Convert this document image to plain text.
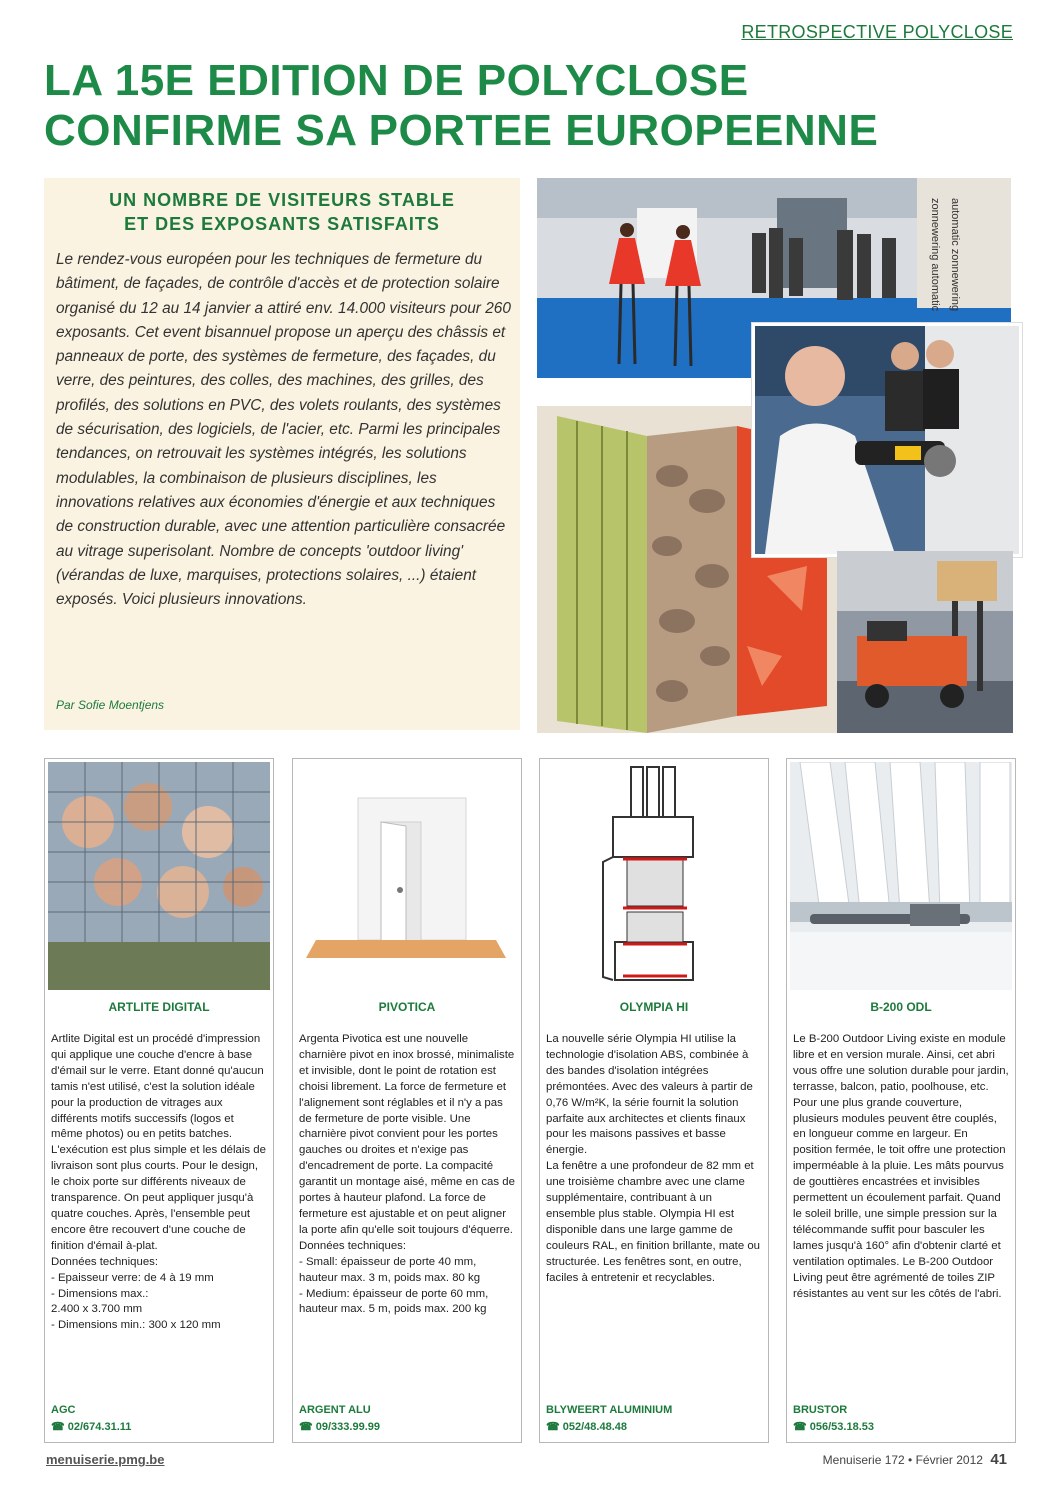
RETROSPECTIVE POLYCLOSE
LA 15E EDITION DE POLYCLOSE
CONFIRME SA PORTEE EUROPEENNE
UN NOMBRE DE VISITEURS STABLE
ET DES EXPOSANTS SATISFAITS

Le rendez-vous européen pour les techniques de fermeture du bâtiment, de façades, de contrôle d'accès et de protection solaire organisé du 12 au 14 janvier a attiré env. 14.000 visiteurs pour 260 exposants. Cet event bisannuel propose un aperçu des châssis et panneaux de porte, des systèmes de fermeture, des façades, du verre, des peintures, des colles, des machines, des grilles, des profilés, des solutions en PVC, des volets roulants, des systèmes de sécurisation, des logiciels, de l'acier, etc. Parmi les principales tendances, on retrouvait les systèmes intégrés, les solutions modulables, la combinaison de plusieurs disciplines, les innovations relatives aux économies d'énergie et aux techniques de construction durable, avec une attention particulière consacrée au vitrage superisolant. Nombre de concepts 'outdoor living' (vérandas de luxe, marquises, protections solaires, ...) étaient exposés. Voici plusieurs innovations.

Par Sofie Moentjens
zonnewering automatic automatic zonnewering
ARTLITE DIGITAL
Artlite Digital est un procédé d'impression qui applique une couche d'encre à base d'émail sur le verre. Etant donné qu'aucun tamis n'est utilisé, c'est la solution idéale pour la production de vitrages aux différents motifs successifs (logos et même photos) ou en petits batches. L'exécution est plus simple et les délais de livraison sont plus courts. Pour le design, le choix porte sur différents niveaux de transparence. On peut appliquer jusqu'à quatre couches. Après, l'ensemble peut encore être recouvert d'une couche de finition d'émail à-plat.
Données techniques:
- Epaisseur verre: de 4 à 19 mm
- Dimensions max.:
2.400 x 3.700 mm
- Dimensions min.: 300 x 120 mm
AGC
☎ 02/674.31.11
PIVOTICA
Argenta Pivotica est une nouvelle charnière pivot en inox brossé, minimaliste et invisible, dont le point de rotation est choisi librement. La force de fermeture et l'alignement sont réglables et il n'y a pas de fermeture de porte visible. Une charnière pivot convient pour les portes gauches ou droites et n'exige pas d'encadrement de porte. La compacité garantit un montage aisé, même en cas de portes à hauteur plafond. La force de fermeture est ajustable et on peut aligner la porte afin qu'elle soit toujours d'équerre.
Données techniques:
- Small: épaisseur de porte 40 mm, hauteur max. 3 m, poids max. 80 kg
- Medium: épaisseur de porte 60 mm, hauteur max. 5 m, poids max. 200 kg
ARGENT ALU
☎ 09/333.99.99
OLYMPIA HI
La nouvelle série Olympia HI utilise la technologie d'isolation ABS, combinée à des bandes d'isolation intégrées prémontées. Avec des valeurs à partir de 0,76 W/m²K, la série fournit la solution parfaite aux architectes et clients finaux pour les maisons passives et basse énergie.
La fenêtre a une profondeur de 82 mm et une troisième chambre avec une clame supplémentaire, contribuant à un ensemble plus stable. Olympia HI est disponible dans une large gamme de couleurs RAL, en finition brillante, mate ou structurée. Les fenêtres sont, en outre, faciles à entretenir et recyclables.
BLYWEERT ALUMINIUM
☎ 052/48.48.48
B-200 ODL
Le B-200 Outdoor Living existe en module libre et en version murale. Ainsi, cet abri vous offre une solution durable pour jardin, terrasse, balcon, patio, poolhouse, etc. Pour une plus grande couverture, plusieurs modules peuvent être couplés, en longueur comme en largeur. En position fermée, le toit offre une protection imperméable à la pluie. Les mâts pourvus de gouttières encastrées et invisibles permettent un écoulement parfait. Quand le soleil brille, une simple pression sur la télécommande suffit pour basculer les lames jusqu'à 160° afin d'obtenir clarté et ventilation optimales. Le B-200 Outdoor Living peut être agrémenté de toiles ZIP résistantes au vent sur les côtés de l'abri.
BRUSTOR
☎ 056/53.18.53
menuiserie.pmg.be	Menuiserie 172 • Février 2012 41
